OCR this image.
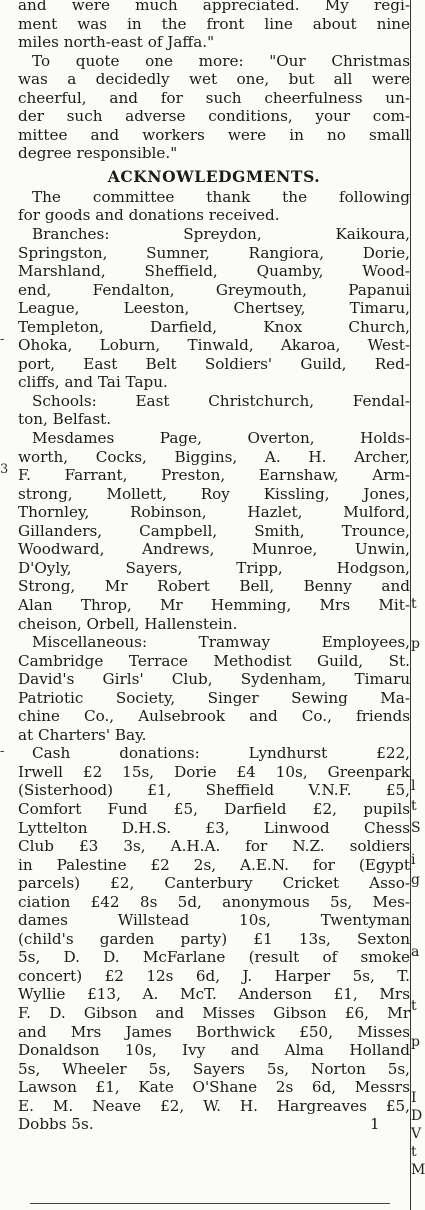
-
3
-
t
p
l
t
S
i
g
a
t
p
I
D
V
t
M
and were much appreciated. My regi-
ment was in the front line about nine
miles north-east of Jaffa."
To quote one more: "Our Christmas
was a decidedly wet one, but all were
cheerful, and for such cheerfulness un-
der such adverse conditions, your com-
mittee and workers were in no small
degree responsible."
ACKNOWLEDGMENTS.
The committee thank the following
for goods and donations received.
Branches: Spreydon, Kaikoura,
Springston, Sumner, Rangiora, Dorie,
Marshland, Sheffield, Quamby, Wood-
end, Fendalton, Greymouth, Papanui
League, Leeston, Chertsey, Timaru,
Templeton, Darfield, Knox Church,
Ohoka, Loburn, Tinwald, Akaroa, West-
port, East Belt Soldiers' Guild, Red-
cliffs, and Tai Tapu.
Schools: East Christchurch, Fendal-
ton, Belfast.
Mesdames Page, Overton, Holds-
worth, Cocks, Biggins, A. H. Archer,
F. Farrant, Preston, Earnshaw, Arm-
strong, Mollett, Roy Kissling, Jones,
Thornley, Robinson, Hazlet, Mulford,
Gillanders, Campbell, Smith, Trounce,
Woodward, Andrews, Munroe, Unwin,
D'Oyly, Sayers, Tripp, Hodgson,
Strong, Mr Robert Bell, Benny and
Alan Throp, Mr Hemming, Mrs Mit-
cheison, Orbell, Hallenstein.
Miscellaneous: Tramway Employees,
Cambridge Terrace Methodist Guild, St.
David's Girls' Club, Sydenham, Timaru
Patriotic Society, Singer Sewing Ma-
chine Co., Aulsebrook and Co., friends
at Charters' Bay.
Cash donations: Lyndhurst £22,
Irwell £2 15s, Dorie £4 10s, Greenpark
(Sisterhood) £1, Sheffield V.N.F. £5,
Comfort Fund £5, Darfield £2, pupils
Lyttelton D.H.S. £3, Linwood Chess
Club £3 3s, A.H.A. for N.Z. soldiers
in Palestine £2 2s, A.E.N. for (Egypt
parcels) £2, Canterbury Cricket Asso-
ciation £42 8s 5d, anonymous 5s, Mes-
dames Willstead 10s, Twentyman
(child's garden party) £1 13s, Sexton
5s, D. D. McFarlane (result of smoke
concert) £2 12s 6d, J. Harper 5s, T.
Wyllie £13, A. McT. Anderson £1, Mrs
F. D. Gibson and Misses Gibson £6, Mr
and Mrs James Borthwick £50, Misses
Donaldson 10s, Ivy and Alma Holland
5s, Wheeler 5s, Sayers 5s, Norton 5s,
Lawson £1, Kate O'Shane 2s 6d, Messrs
E. M. Neave £2, W. H. Hargreaves £5,
Dobbs 5s.	1
